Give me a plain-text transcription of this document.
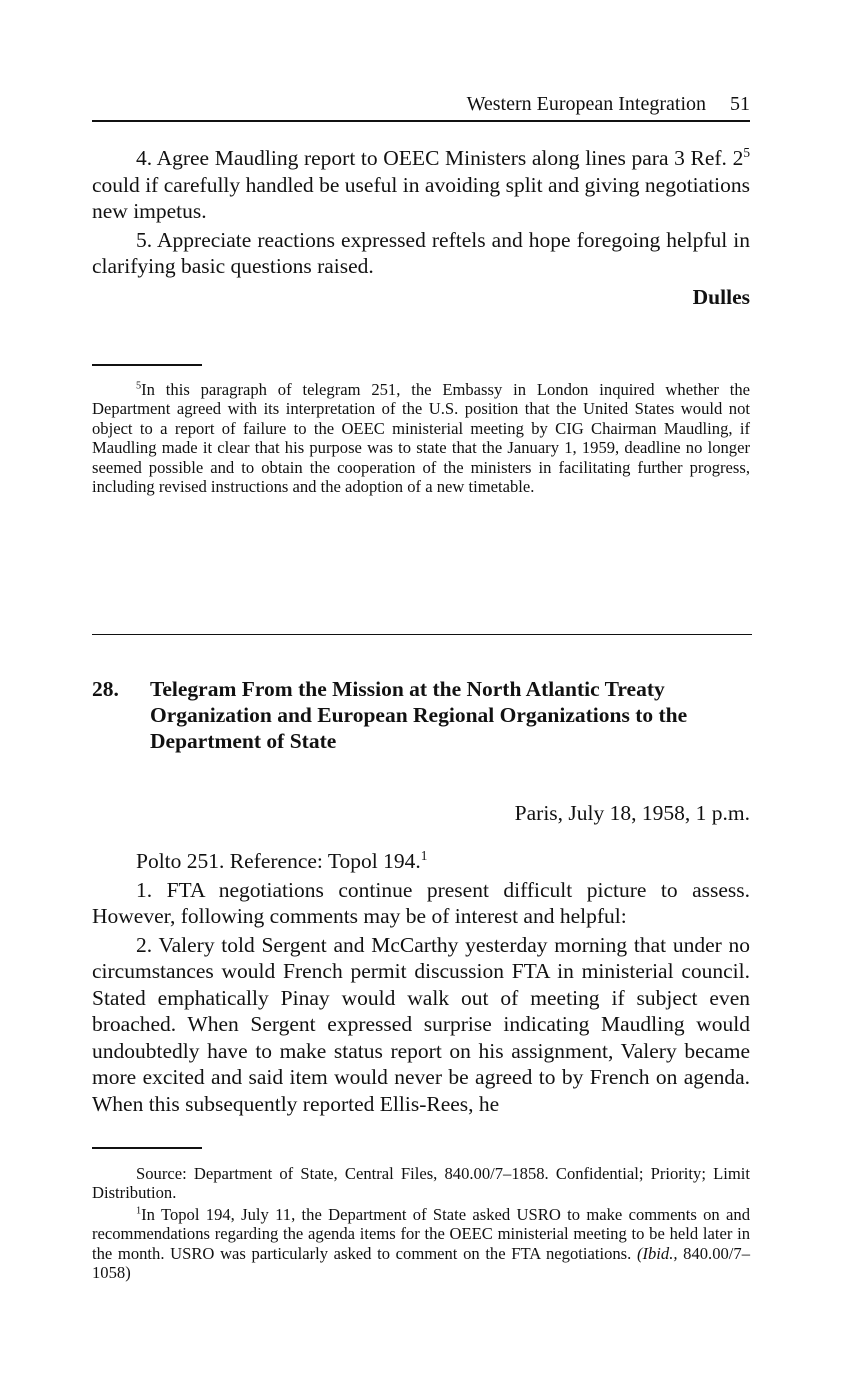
Western European Integration 51

4. Agree Maudling report to OEEC Ministers along lines para 3 Ref. $2^5$ could if carefully handled be useful in avoiding split and giving negotiations new impetus.

5. Appreciate reactions expressed reftels and hope foregoing helpful in clarifying basic questions raised.

Dulles

$^5$In this paragraph of telegram 251, the Embassy in London inquired whether the Department agreed with its interpretation of the U.S. position that the United States would not object to a report of failure to the OEEC ministerial meeting by CIG Chairman Maudling, if Maudling made it clear that his purpose was to state that the January 1, 1959, deadline no longer seemed possible and to obtain the cooperation of the ministers in facilitating further progress, including revised instructions and the adoption of a new timetable.

28. Telegram From the Mission at the North Atlantic Treaty Organization and European Regional Organizations to the Department of State
Paris, July 18, 1958, 1 p.m.

Polto 251. Reference: Topol 194.$^1$

1. FTA negotiations continue present difficult picture to assess. However, following comments may be of interest and helpful:

2. Valery told Sergent and McCarthy yesterday morning that under no circumstances would French permit discussion FTA in ministerial council. Stated emphatically Pinay would walk out of meeting if subject even broached. When Sergent expressed surprise indicating Maudling would undoubtedly have to make status report on his assignment, Valery became more excited and said item would never be agreed to by French on agenda. When this subsequently reported Ellis-Rees, he

Source: Department of State, Central Files, 840.00/7–1858. Confidential; Priority; Limit Distribution.

$^1$In Topol 194, July 11, the Department of State asked USRO to make comments on and recommendations regarding the agenda items for the OEEC ministerial meeting to be held later in the month. USRO was particularly asked to comment on the FTA negotiations. (Ibid., 840.00/7–1058)
